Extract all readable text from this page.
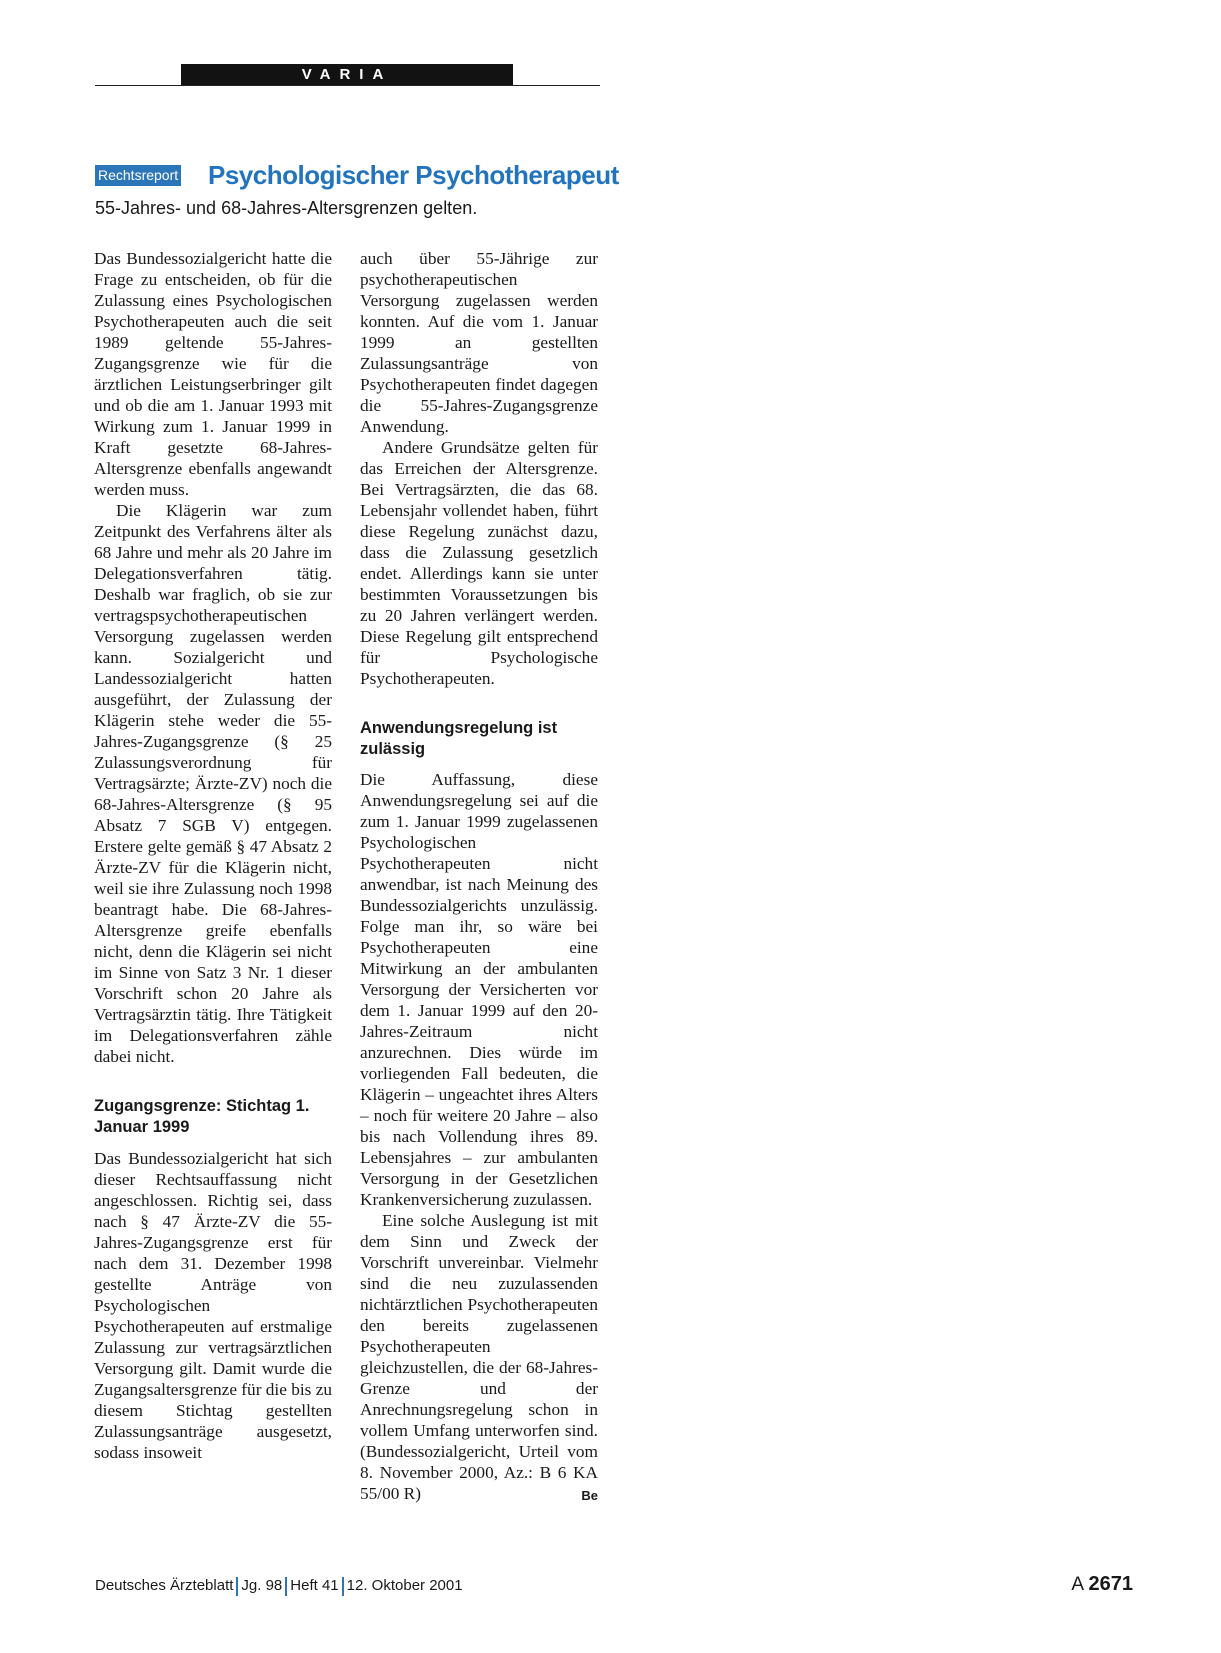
VARIA
Rechtsreport Psychologischer Psychotherapeut

55-Jahres- und 68-Jahres-Altersgrenzen gelten.

Das Bundessozialgericht hatte die Frage zu entscheiden, ob für die Zulassung eines Psychologischen Psychotherapeuten auch die seit 1989 geltende 55-Jahres-Zugangsgrenze wie für die ärztlichen Leistungserbringer gilt und ob die am 1. Januar 1993 mit Wirkung zum 1. Januar 1999 in Kraft gesetzte 68-Jahres-Altersgrenze ebenfalls angewandt werden muss.

Die Klägerin war zum Zeitpunkt des Verfahrens älter als 68 Jahre und mehr als 20 Jahre im Delegationsverfahren tätig. Deshalb war fraglich, ob sie zur vertragspsychotherapeutischen Versorgung zugelassen werden kann. Sozialgericht und Landessozialgericht hatten ausgeführt, der Zulassung der Klägerin stehe weder die 55-Jahres-Zugangsgrenze (§ 25 Zulassungsverordnung für Vertragsärzte; Ärzte-ZV) noch die 68-Jahres-Altersgrenze (§ 95 Absatz 7 SGB V) entgegen. Erstere gelte gemäß § 47 Absatz 2 Ärzte-ZV für die Klägerin nicht, weil sie ihre Zulassung noch 1998 beantragt habe. Die 68-Jahres-Altersgrenze greife ebenfalls nicht, denn die Klägerin sei nicht im Sinne von Satz 3 Nr. 1 dieser Vorschrift schon 20 Jahre als Vertragsärztin tätig. Ihre Tätigkeit im Delegationsverfahren zähle dabei nicht.

Zugangsgrenze: Stichtag 1. Januar 1999

Das Bundessozialgericht hat sich dieser Rechtsauffassung nicht angeschlossen. Richtig sei, dass nach § 47 Ärzte-ZV die 55-Jahres-Zugangsgrenze erst für nach dem 31. Dezember 1998 gestellte Anträge von Psychologischen Psychotherapeuten auf erstmalige Zulassung zur vertragsärztlichen Versorgung gilt. Damit wurde die Zugangsaltersgrenze für die bis zu diesem Stichtag gestellten Zulassungsanträge ausgesetzt, sodass insoweit

auch über 55-Jährige zur psychotherapeutischen Versorgung zugelassen werden konnten. Auf die vom 1. Januar 1999 an gestellten Zulassungsanträge von Psychotherapeuten findet dagegen die 55-Jahres-Zugangsgrenze Anwendung.

Andere Grundsätze gelten für das Erreichen der Altersgrenze. Bei Vertragsärzten, die das 68. Lebensjahr vollendet haben, führt diese Regelung zunächst dazu, dass die Zulassung gesetzlich endet. Allerdings kann sie unter bestimmten Voraussetzungen bis zu 20 Jahren verlängert werden. Diese Regelung gilt entsprechend für Psychologische Psychotherapeuten.

Anwendungsregelung ist zulässig

Die Auffassung, diese Anwendungsregelung sei auf die zum 1. Januar 1999 zugelassenen Psychologischen Psychotherapeuten nicht anwendbar, ist nach Meinung des Bundessozialgerichts unzulässig. Folge man ihr, so wäre bei Psychotherapeuten eine Mitwirkung an der ambulanten Versorgung der Versicherten vor dem 1. Januar 1999 auf den 20-Jahres-Zeitraum nicht anzurechnen. Dies würde im vorliegenden Fall bedeuten, die Klägerin – ungeachtet ihres Alters – noch für weitere 20 Jahre – also bis nach Vollendung ihres 89. Lebensjahres – zur ambulanten Versorgung in der Gesetzlichen Krankenversicherung zuzulassen.

Eine solche Auslegung ist mit dem Sinn und Zweck der Vorschrift unvereinbar. Vielmehr sind die neu zuzulassenden nichtärztlichen Psychotherapeuten den bereits zugelassenen Psychotherapeuten gleichzustellen, die der 68-Jahres-Grenze und der Anrechnungsregelung schon in vollem Umfang unterworfen sind. (Bundessozialgericht, Urteil vom 8. November 2000, Az.: B 6 KA 55/00 R)	Be

Deutsches Ärzteblatt Jg. 98 Heft 41 12. Oktober 2001	A 2671
